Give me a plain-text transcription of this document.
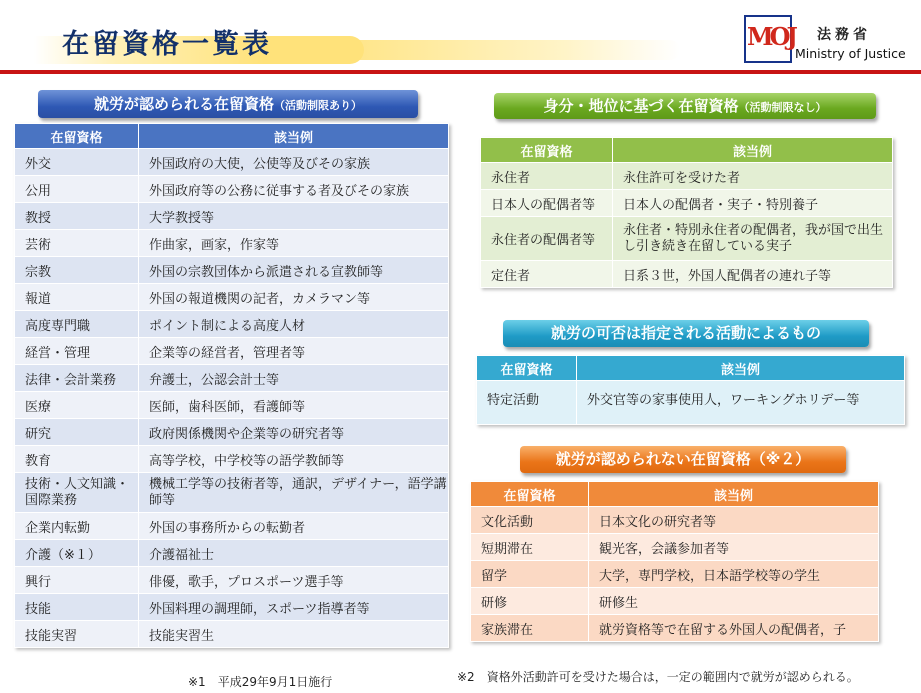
在留資格一覧表	MOJ 法務省
Ministry of Justice
就労が認められる在留資格（活動制限あり）
在留資格	該当例
外交	外国政府の大使，公使等及びその家族
公用	外国政府等の公務に従事する者及びその家族
教授	大学教授等
芸術	作曲家，画家，作家等
宗教	外国の宗教団体から派遣される宣教師等
報道	外国の報道機関の記者，カメラマン等
高度専門職	ポイント制による高度人材
経営・管理	企業等の経営者，管理者等
法律・会計業務	弁護士，公認会計士等
医療	医師，歯科医師，看護師等
研究	政府関係機関や企業等の研究者等
教育	高等学校，中学校等の語学教師等
技術・人文知識・国際業務	機械工学等の技術者等，通訳，デザイナー，語学講師等
企業内転勤	外国の事務所からの転勤者
介護（※１）	介護福祉士
興行	俳優，歌手，プロスポーツ選手等
技能	外国料理の調理師，スポーツ指導者等
技能実習	技能実習生
身分・地位に基づく在留資格（活動制限なし）
在留資格	該当例
永住者	永住許可を受けた者
日本人の配偶者等	日本人の配偶者・実子・特別養子
永住者の配偶者等	永住者・特別永住者の配偶者，我が国で出生し引き続き在留している実子
定住者	日系３世，外国人配偶者の連れ子等
就労の可否は指定される活動によるもの
在留資格	該当例
特定活動	外交官等の家事使用人，ワーキングホリデー等
就労が認められない在留資格（※２）
在留資格	該当例
文化活動	日本文化の研究者等
短期滞在	観光客，会議参加者等
留学	大学，専門学校，日本語学校等の学生
研修	研修生
家族滞在	就労資格等で在留する外国人の配偶者，子
※2　資格外活動許可を受けた場合は，一定の範囲内で就労が認められる。
※1　平成29年9月1日施行
